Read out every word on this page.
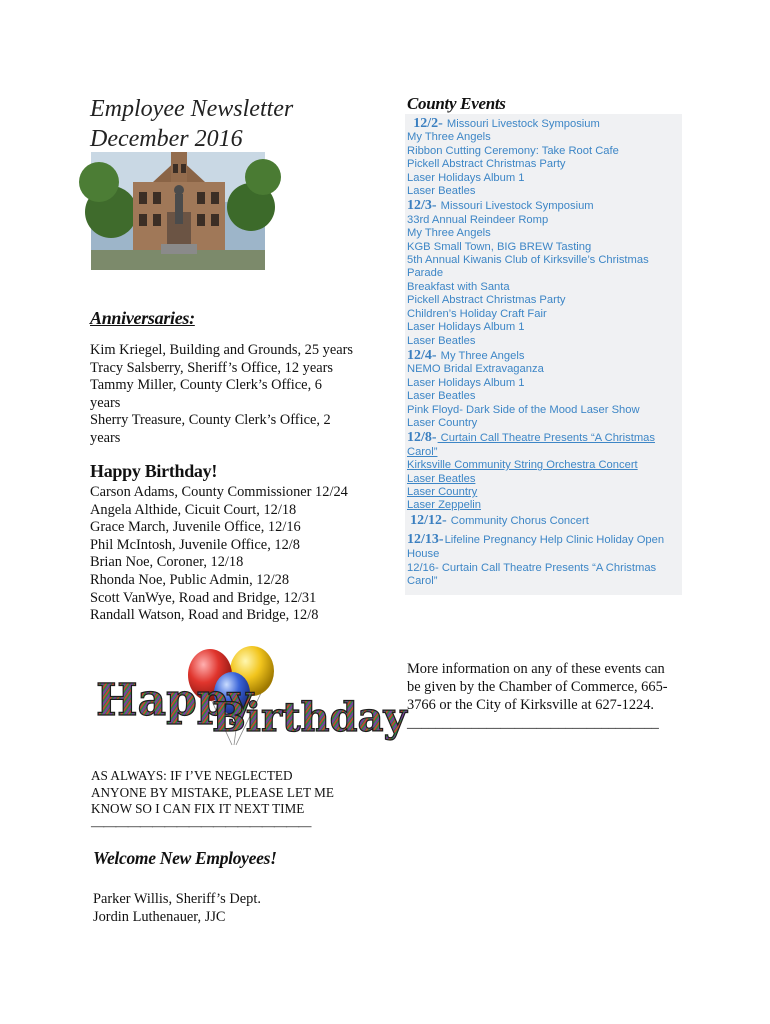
Employee Newsletter
December 2016
Anniversaries:
Kim Kriegel, Building and Grounds, 25 years
Tracy Salsberry, Sheriff’s Office, 12 years
Tammy Miller, County Clerk’s Office, 6
years
Sherry Treasure, County Clerk’s Office, 2
years
Happy Birthday!
Carson Adams, County Commissioner 12/24
Angela Althide, Cicuit Court, 12/18
Grace March, Juvenile Office, 12/16
Phil McIntosh, Juvenile Office, 12/8
Brian Noe, Coroner, 12/18
Rhonda Noe, Public Admin, 12/28
Scott VanWye, Road and Bridge, 12/31
Randall Watson, Road and Bridge, 12/8
Happy
Birthday
AS ALWAYS: IF I’VE NEGLECTED
ANYONE BY MISTAKE, PLEASE LET ME
KNOW SO I CAN FIX IT NEXT TIME
——————————————————
Welcome New Employees!
Parker Willis, Sheriff’s Dept.
Jordin Luthenauer, JJC
County Events
12/2- Missouri Livestock Symposium
My Three Angels
Ribbon Cutting Ceremony: Take Root Cafe
Pickell Abstract Christmas Party
Laser Holidays Album 1
Laser Beatles
12/3- Missouri Livestock Symposium
33rd Annual Reindeer Romp
My Three Angels
KGB Small Town, BIG BREW Tasting
5th Annual Kiwanis Club of Kirksville’s Christmas
Parade
Breakfast with Santa
Pickell Abstract Christmas Party
Children’s Holiday Craft Fair
Laser Holidays Album 1
Laser Beatles
12/4- My Three Angels
NEMO Bridal Extravaganza
Laser Holidays Album 1
Laser Beatles
Pink Floyd- Dark Side of the Mood Laser Show
Laser Country
12/8- Curtain Call Theatre Presents “A Christmas
Carol”
Kirksville Community String Orchestra Concert
Laser Beatles
Laser Country
Laser Zeppelin
12/12- Community Chorus Concert
12/13-Lifeline Pregnancy Help Clinic Holiday Open
House
12/16- Curtain Call Theatre Presents “A Christmas
Carol”
More information on any of these events can
be given by the Chamber of Commerce, 665-
3766 or the City of Kirksville at 627-1224.
___________________________________
